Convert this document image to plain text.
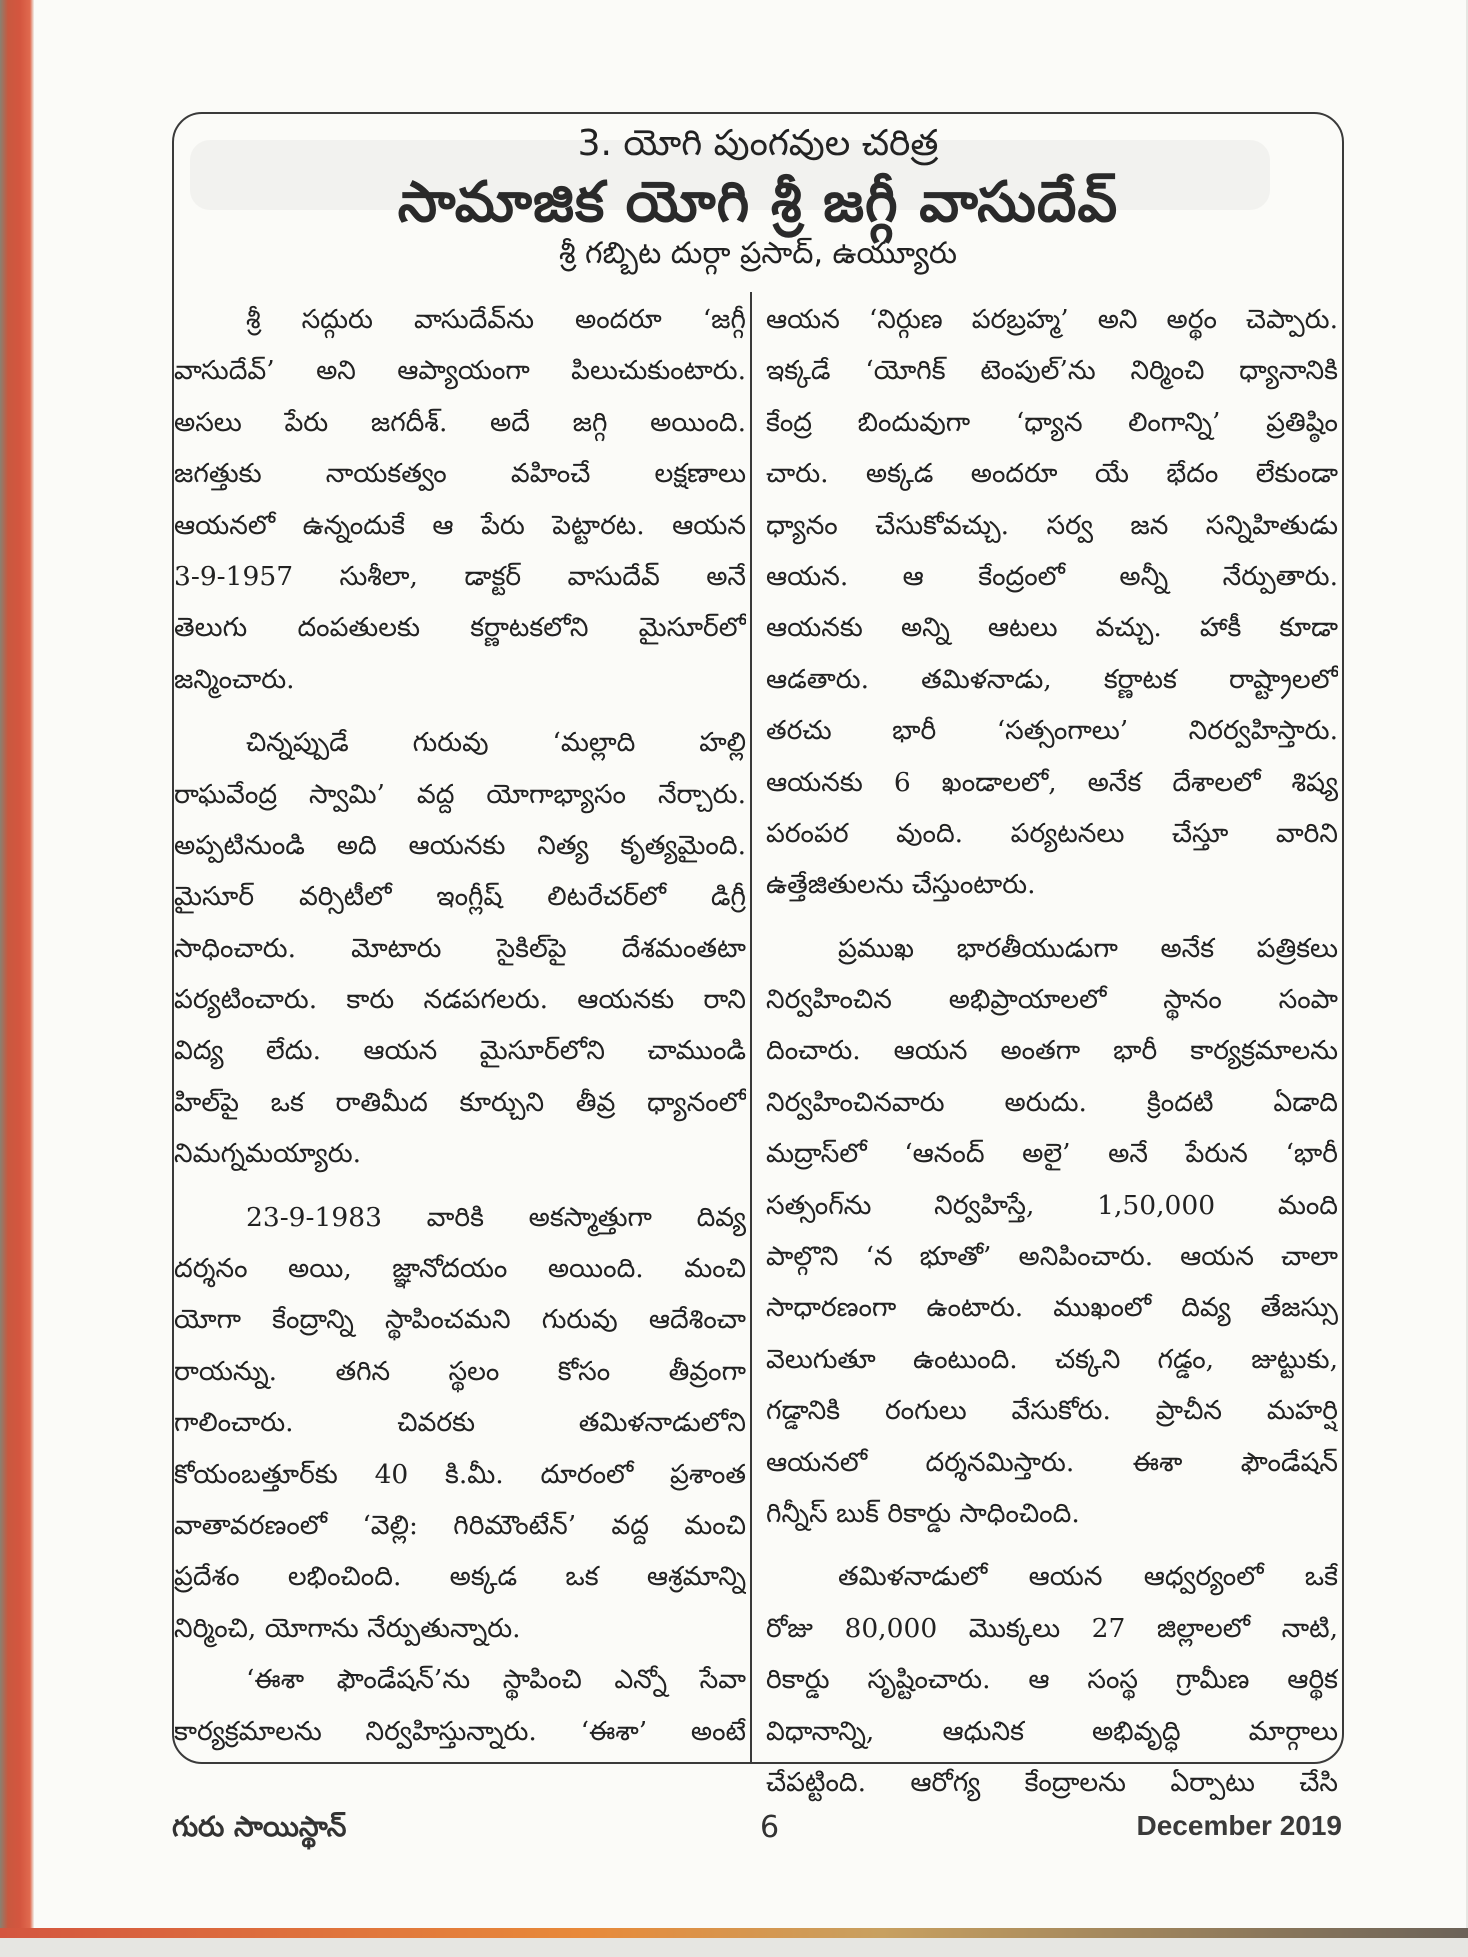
3. యోగి పుంగవుల చరిత్ర
సామాజిక యోగి శ్రీ జగ్గీ వాసుదేవ్
శ్రీ గబ్బిట దుర్గా ప్రసాద్, ఉయ్యూరు
శ్రీ సద్గురు వాసుదేవ్‌ను అందరూ ‘జగ్గీ
వాసుదేవ్’ అని ఆప్యాయంగా పిలుచుకుంటారు.
అసలు పేరు జగదీశ్. అదే జగ్గి అయింది.
జగత్తుకు నాయకత్వం వహించే లక్షణాలు
ఆయనలో ఉన్నందుకే ఆ పేరు పెట్టారట. ఆయన
3-9-1957 సుశీలా, డాక్టర్ వాసుదేవ్ అనే
తెలుగు దంపతులకు కర్ణాటకలోని మైసూర్‌లో
జన్మించారు.
చిన్నప్పుడే గురువు ‘మల్లాది హల్లి
రాఘవేంద్ర స్వామి’ వద్ద యోగాభ్యాసం నేర్చారు.
అప్పటినుండి అది ఆయనకు నిత్య కృత్యమైంది.
మైసూర్ వర్సిటీలో ఇంగ్లీష్ లిటరేచర్‌లో డిగ్రీ
సాధించారు. మోటారు సైకిల్‌పై దేశమంతటా
పర్యటించారు. కారు నడపగలరు. ఆయనకు రాని
విద్య లేదు. ఆయన మైసూర్‌లోని చాముండి
హిల్‌పై ఒక రాతిమీద కూర్చుని తీవ్ర ధ్యానంలో
నిమగ్నమయ్యారు.
23-9-1983 వారికి అకస్మాత్తుగా దివ్య
దర్శనం అయి, జ్ఞానోదయం అయింది. మంచి
యోగా కేంద్రాన్ని స్థాపించమని గురువు ఆదేశించా
రాయన్ను. తగిన స్థలం కోసం తీవ్రంగా
గాలించారు. చివరకు తమిళనాడులోని
కోయంబత్తూర్‌కు 40 కి.మీ. దూరంలో ప్రశాంత
వాతావరణంలో ‘వెల్లి: గిరిమౌంటేన్’ వద్ద మంచి
ప్రదేశం లభించింది. అక్కడ ఒక ఆశ్రమాన్ని
నిర్మించి, యోగాను నేర్పుతున్నారు.
‘ఈశా ఫౌండేషన్’ను స్థాపించి ఎన్నో సేవా
కార్యక్రమాలను నిర్వహిస్తున్నారు. ‘ఈశా’ అంటే
ఆయన ‘నిర్గుణ పరబ్రహ్మ’ అని అర్థం చెప్పారు.
ఇక్కడే ‘యోగిక్ టెంపుల్’ను నిర్మించి ధ్యానానికి
కేంద్ర బిందువుగా ‘ధ్యాన లింగాన్ని’ ప్రతిష్ఠిం
చారు. అక్కడ అందరూ యే భేదం లేకుండా
ధ్యానం చేసుకోవచ్చు. సర్వ జన సన్నిహితుడు
ఆయన. ఆ కేంద్రంలో అన్నీ నేర్పుతారు.
ఆయనకు అన్ని ఆటలు వచ్చు. హాకీ కూడా
ఆడతారు. తమిళనాడు, కర్ణాటక రాష్ట్రాలలో
తరచు భారీ ‘సత్సంగాలు’ నిరర్వహిస్తారు.
ఆయనకు 6 ఖండాలలో, అనేక దేశాలలో శిష్య
పరంపర వుంది. పర్యటనలు చేస్తూ వారిని
ఉత్తేజితులను చేస్తుంటారు.
ప్రముఖ భారతీయుడుగా అనేక పత్రికలు
నిర్వహించిన అభిప్రాయాలలో స్థానం సంపా
దించారు. ఆయన అంతగా భారీ కార్యక్రమాలను
నిర్వహించినవారు అరుదు. క్రిందటి ఏడాది
మద్రాస్‌లో ‘ఆనంద్ అలై’ అనే పేరున ‘భారీ
సత్సంగ్‌ను నిర్వహిస్తే, 1,50,000 మంది
పాల్గొని ‘న భూతో’ అనిపించారు. ఆయన చాలా
సాధారణంగా ఉంటారు. ముఖంలో దివ్య తేజస్సు
వెలుగుతూ ఉంటుంది. చక్కని గడ్డం, జుట్టుకు,
గడ్డానికి రంగులు వేసుకోరు. ప్రాచీన మహర్షి
ఆయనలో దర్శనమిస్తారు. ఈశా ఫౌండేషన్
గిన్నీస్ బుక్ రికార్డు సాధించింది.
తమిళనాడులో ఆయన ఆధ్వర్యంలో ఒకే
రోజు 80,000 మొక్కలు 27 జిల్లాలలో నాటి,
రికార్డు సృష్టించారు. ఆ సంస్థ గ్రామీణ ఆర్థిక
విధానాన్ని, ఆధునిక అభివృద్ధి మార్గాలు
చేపట్టింది. ఆరోగ్య కేంద్రాలను ఏర్పాటు చేసి
గురు సాయిస్థాన్	6	December 2019
